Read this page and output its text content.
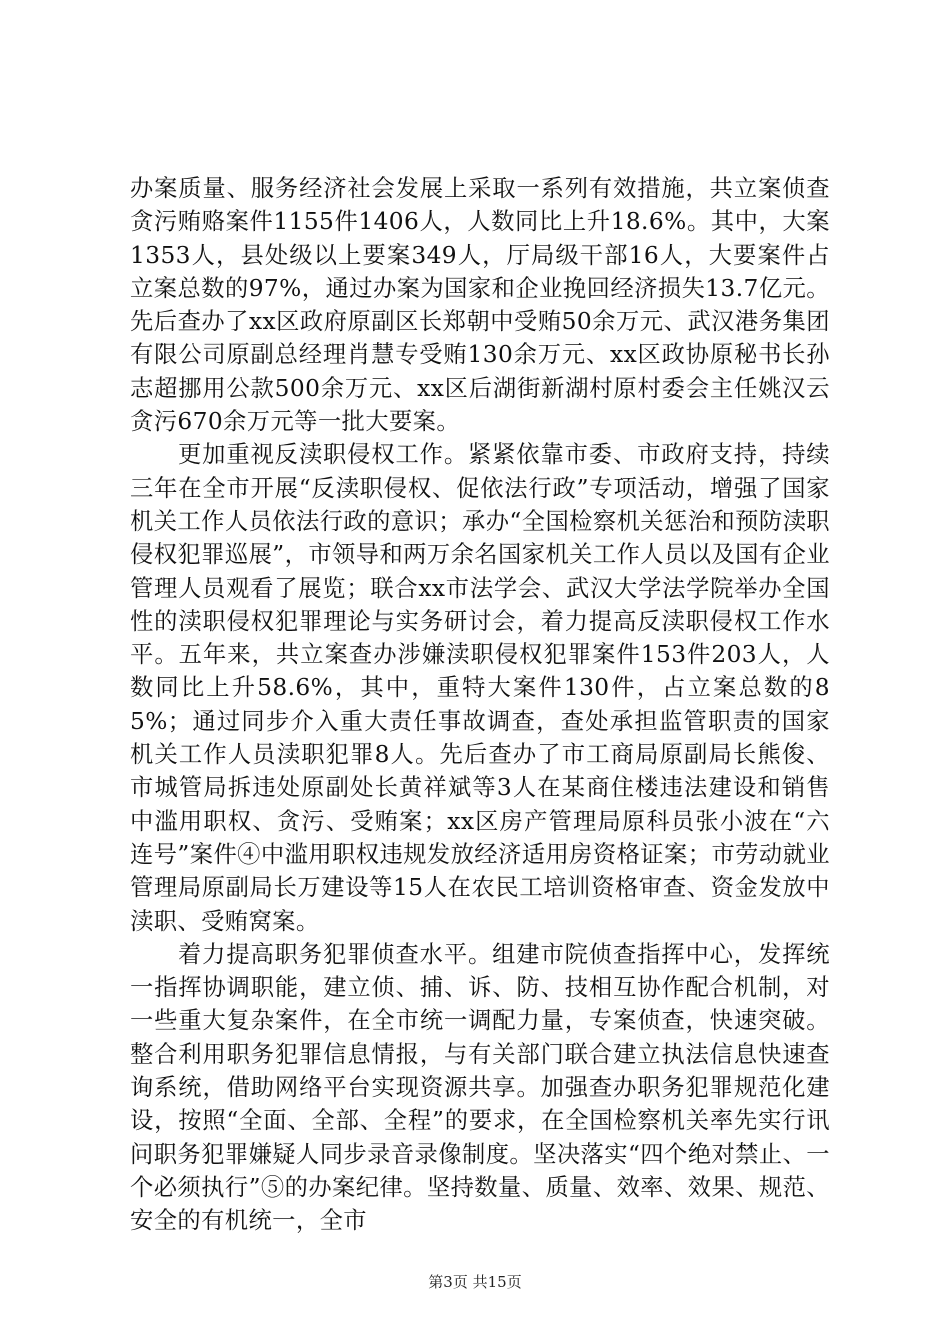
办案质量、服务经济社会发展上采取一系列有效措施，共立案侦查贪污贿赂案件1155件1406人，人数同比上升18.6%。其中，大案1353人，县处级以上要案349人，厅局级干部16人，大要案件占立案总数的97%，通过办案为国家和企业挽回经济损失13.7亿元。先后查办了xx区政府原副区长郑朝中受贿50余万元、武汉港务集团有限公司原副总经理肖慧专受贿130余万元、xx区政协原秘书长孙志超挪用公款500余万元、xx区后湖街新湖村原村委会主任姚汉云贪污670余万元等一批大要案。

更加重视反渎职侵权工作。紧紧依靠市委、市政府支持，持续三年在全市开展“反渎职侵权、促依法行政”专项活动，增强了国家机关工作人员依法行政的意识；承办“全国检察机关惩治和预防渎职侵权犯罪巡展”，市领导和两万余名国家机关工作人员以及国有企业管理人员观看了展览；联合xx市法学会、武汉大学法学院举办全国性的渎职侵权犯罪理论与实务研讨会，着力提高反渎职侵权工作水平。五年来，共立案查办涉嫌渎职侵权犯罪案件153件203人，人数同比上升58.6%，其中，重特大案件130件，占立案总数的85%；通过同步介入重大责任事故调查，查处承担监管职责的国家机关工作人员渎职犯罪8人。先后查办了市工商局原副局长熊俊、市城管局拆违处原副处长黄祥斌等3人在某商住楼违法建设和销售中滥用职权、贪污、受贿案；xx区房产管理局原科员张小波在“六连号”案件④中滥用职权违规发放经济适用房资格证案；市劳动就业管理局原副局长万建设等15人在农民工培训资格审查、资金发放中渎职、受贿窝案。

着力提高职务犯罪侦查水平。组建市院侦查指挥中心，发挥统一指挥协调职能，建立侦、捕、诉、防、技相互协作配合机制，对一些重大复杂案件，在全市统一调配力量，专案侦查，快速突破。整合利用职务犯罪信息情报，与有关部门联合建立执法信息快速查询系统，借助网络平台实现资源共享。加强查办职务犯罪规范化建设，按照“全面、全部、全程”的要求，在全国检察机关率先实行讯问职务犯罪嫌疑人同步录音录像制度。坚决落实“四个绝对禁止、一个必须执行”⑤的办案纪律。坚持数量、质量、效率、效果、规范、安全的有机统一，全市

第3页 共15页
